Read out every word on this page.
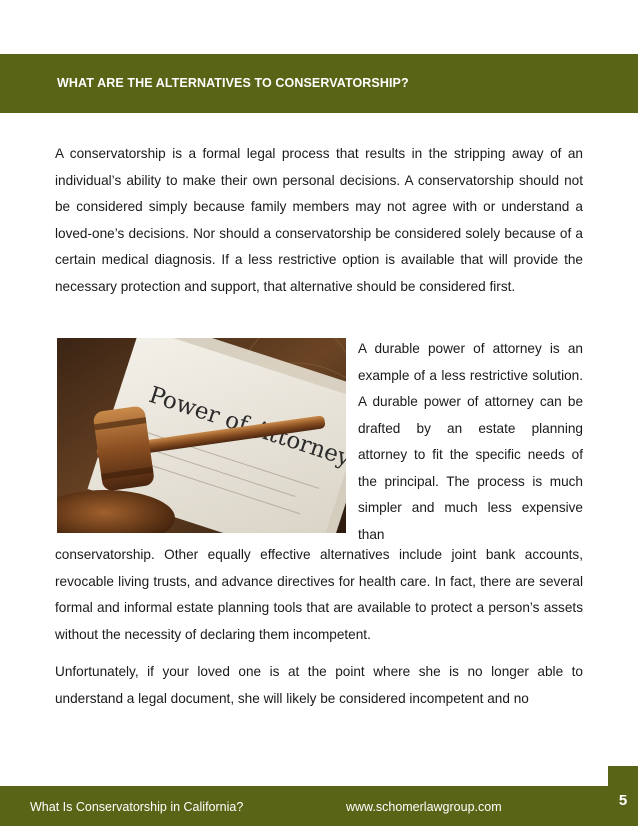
WHAT ARE THE ALTERNATIVES TO CONSERVATORSHIP?

A conservatorship is a formal legal process that results in the stripping away of an individual’s ability to make their own personal decisions. A conservatorship should not be considered simply because family members may not agree with or understand a loved-one’s decisions. Nor should a conservatorship be considered solely because of a certain medical diagnosis. If a less restrictive option is available that will provide the necessary protection and support, that alternative should be considered first.

Power of Attorney

A durable power of attorney is an example of a less restrictive solution. A durable power of attorney can be drafted by an estate planning attorney to fit the specific needs of the principal. The process is much simpler and much less expensive than

conservatorship. Other equally effective alternatives include joint bank accounts, revocable living trusts, and advance directives for health care. In fact, there are several formal and informal estate planning tools that are available to protect a person’s assets without the necessity of declaring them incompetent.

Unfortunately, if your loved one is at the point where she is no longer able to understand a legal document, she will likely be considered incompetent and no

What Is Conservatorship in California?	www.schomerlawgroup.com	5
